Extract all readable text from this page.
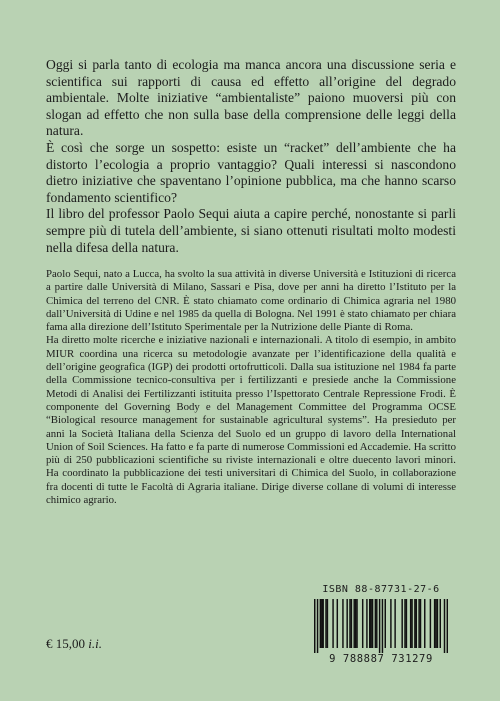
Oggi si parla tanto di ecologia ma manca ancora una discussione seria e scientifica sui rapporti di causa ed effetto all’origine del degrado ambientale. Molte iniziative “ambientaliste” paiono muoversi più con slogan ad effetto che non sulla base della comprensione delle leggi della natura.

È così che sorge un sospetto: esiste un “racket” dell’ambiente che ha distorto l’ecologia a proprio vantaggio? Quali interessi si nascondono dietro iniziative che spaventano l’opinione pubblica, ma che hanno scarso fondamento scientifico?

Il libro del professor Paolo Sequi aiuta a capire perché, nonostante si parli sempre più di tutela dell’ambiente, si siano ottenuti risultati molto modesti nella difesa della natura.

Paolo Sequi, nato a Lucca, ha svolto la sua attività in diverse Università e Istituzioni di ricerca a partire dalle Università di Milano, Sassari e Pisa, dove per anni ha diretto l’Istituto per la Chimica del terreno del CNR. È stato chiamato come ordinario di Chimica agraria nel 1980 dall’Università di Udine e nel 1985 da quella di Bologna. Nel 1991 è stato chiamato per chiara fama alla direzione dell’Istituto Sperimentale per la Nutrizione delle Piante di Roma.

Ha diretto molte ricerche e iniziative nazionali e internazionali. A titolo di esempio, in ambito MIUR coordina una ricerca su metodologie avanzate per l’identificazione della qualità e dell’origine geografica (IGP) dei prodotti ortofrutticoli. Dalla sua istituzione nel 1984 fa parte della Commissione tecnico-consultiva per i fertilizzanti e presiede anche la Commissione Metodi di Analisi dei Fertilizzanti istituita presso l’Ispettorato Centrale Repressione Frodi. È componente del Governing Body e del Management Committee del Programma OCSE “Biological resource management for sustainable agricultural systems”. Ha presieduto per anni la Società Italiana della Scienza del Suolo ed un gruppo di lavoro della International Union of Soil Sciences. Ha fatto e fa parte di numerose Commissioni ed Accademie. Ha scritto più di 250 pubblicazioni scientifiche su riviste internazionali e oltre duecento lavori minori. Ha coordinato la pubblicazione dei testi universitari di Chimica del Suolo, in collaborazione fra docenti di tutte le Facoltà di Agraria italiane. Dirige diverse collane di volumi di interesse chimico agrario.

ISBN 88-87731-27-6
9 788887 731279
€ 15,00 i.i.
